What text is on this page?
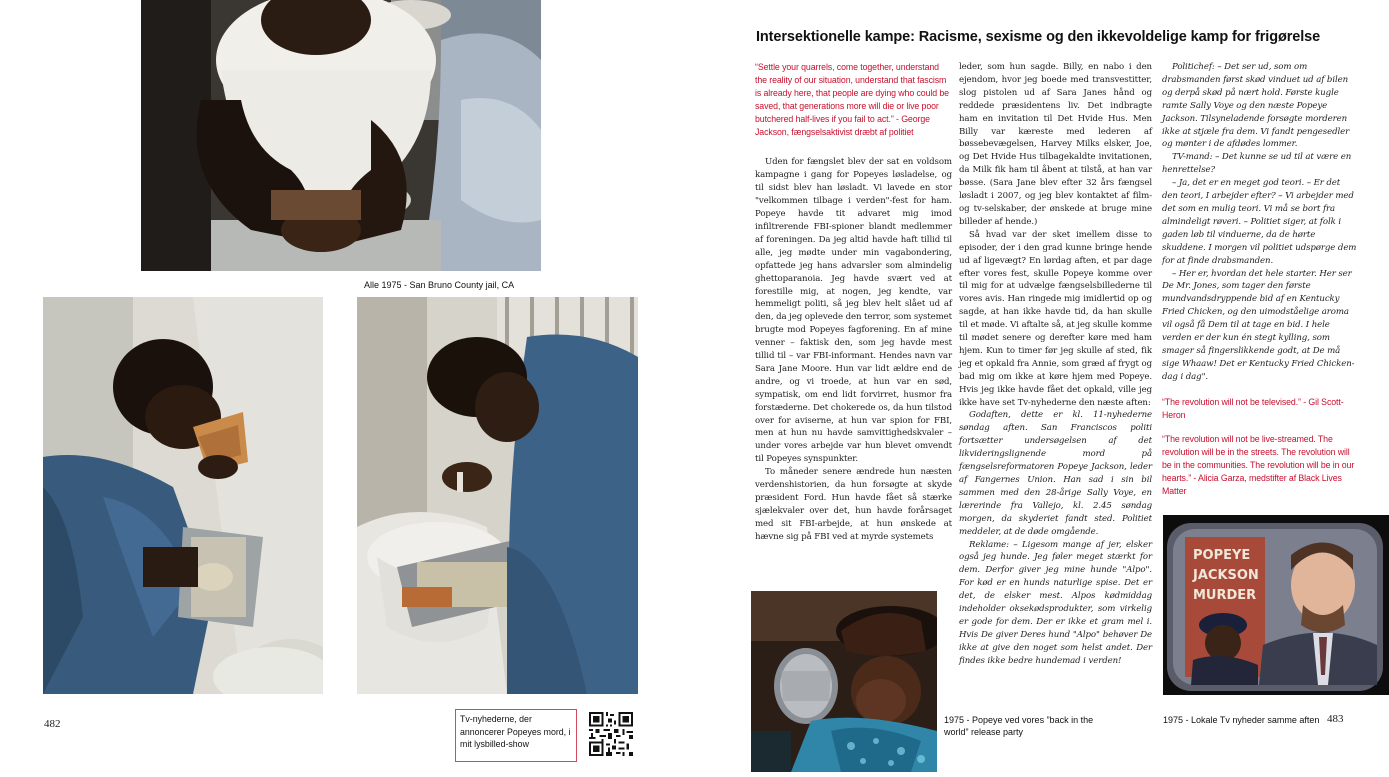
Alle 1975 - San Bruno County jail, CA
482	Tv-nyhederne, der annoncerer Popeyes mord, i mit lysbilled-show
Intersektionelle kampe: Racisme, sexisme og den ikkevoldelige kamp for frigørelse

“Settle your quarrels, come together, understand the reality of our situation, understand that fascism is already here, that people are dying who could be saved, that generations more will die or live poor butchered half-lives if you fail to act.” - George Jackson, fængselsaktivist dræbt af politiet

Uden for fængslet blev der sat en voldsom kampagne i gang for Popeyes løsladelse, og til sidst blev han løsladt. Vi lavede en stor "velkommen tilbage i verden"-fest for ham. Popeye havde tit advaret mig imod infiltrerende FBI-spioner blandt medlemmer af foreningen. Da jeg altid havde haft tillid til alle, jeg mødte under min vagabondering, opfattede jeg hans advarsler som almindelig ghettoparanoia. Jeg havde svært ved at forestille mig, at nogen, jeg kendte, var hemmeligt politi, så jeg blev helt slået ud af den, da jeg oplevede den terror, som systemet brugte mod Popeyes fagforening. En af mine venner – faktisk den, som jeg havde mest tillid til – var FBI-informant. Hendes navn var Sara Jane Moore. Hun var lidt ældre end de andre, og vi troede, at hun var en sød, sympatisk, om end lidt forvirret, husmor fra forstæderne. Det chokerede os, da hun tilstod over for aviserne, at hun var spion for FBI, men at hun nu havde samvittighedskvaler – under vores arbejde var hun blevet omvendt til Popeyes synspunkter.

To måneder senere ændrede hun næsten verdenshistorien, da hun forsøgte at skyde præsident Ford. Hun havde fået så stærke sjælekvaler over det, hun havde forårsaget med sit FBI-arbejde, at hun ønskede at hævne sig på FBI ved at myrde systemets

leder, som hun sagde. Billy, en nabo i den ejendom, hvor jeg boede med transvestitter, slog pistolen ud af Sara Janes hånd og reddede præsidentens liv. Det indbragte ham en invitation til Det Hvide Hus. Men Billy var kæreste med lederen af bøssebevægelsen, Harvey Milks elsker, Joe, og Det Hvide Hus tilbagekaldte invitationen, da Milk fik ham til åbent at tilstå, at han var bøsse. (Sara Jane blev efter 32 års fængsel løsladt i 2007, og jeg blev kontaktet af film- og tv-selskaber, der ønskede at bruge mine billeder af hende.)

Så hvad var der sket imellem disse to episoder, der i den grad kunne bringe hende ud af ligevægt? En lørdag aften, et par dage efter vores fest, skulle Popeye komme over til mig for at udvælge fængselsbillederne til vores avis. Han ringede mig imidlertid op og sagde, at han ikke havde tid, da han skulle til et møde. Vi aftalte så, at jeg skulle komme til mødet senere og derefter køre med ham hjem. Kun to timer før jeg skulle af sted, fik jeg et opkald fra Annie, som græd af frygt og bad mig om ikke at køre hjem med Popeye. Hvis jeg ikke havde fået det opkald, ville jeg ikke have set Tv-nyhederne den næste aften:

Godaften, dette er kl. 11-nyhederne søndag aften. San Franciscos politi fortsætter undersøgelsen af det likvideringslignende mord på fængselsreformatoren Popeye Jackson, leder af Fangernes Union. Han sad i sin bil sammen med den 28-årige Sally Voye, en lærerinde fra Vallejo, kl. 2.45 søndag morgen, da skyderiet fandt sted. Politiet meddeler, at de døde omgående.

Reklame: – Ligesom mange af jer, elsker også jeg hunde. Jeg føler meget stærkt for dem. Derfor giver jeg mine hunde "Alpo". For kød er en hunds naturlige spise. Det er det, de elsker mest. Alpos kødmiddag indeholder oksekødsprodukter, som virkelig er gode for dem. Der er ikke et gram mel i. Hvis De giver Deres hund "Alpo" behøver De ikke at give den noget som helst andet. Der findes ikke bedre hundemad i verden!

Politichef: – Det ser ud, som om drabsmanden først skød vinduet ud af bilen og derpå skød på nært hold. Første kugle ramte Sally Voye og den næste Popeye Jackson. Tilsyneladende forsøgte morderen ikke at stjæle fra dem. Vi fandt pengesedler og mønter i de afdødes lommer.

TV-mand: – Det kunne se ud til at være en henrettelse?

– Ja, det er en meget god teori. – Er det den teori, I arbejder efter? – Vi arbejder med det som en mulig teori. Vi må se bort fra almindeligt røveri. – Politiet siger, at folk i gaden løb til vinduerne, da de hørte skuddene. I morgen vil politiet udspørge dem for at finde drabsmanden.

– Her er, hvordan det hele starter. Her ser De Mr. Jones, som tager den første mundvandsdryppende bid af en Kentucky Fried Chicken, og den uimodståelige aroma vil også få Dem til at tage en bid. I hele verden er der kun én stegt kylling, som smager så fingerslikkende godt, at De må sige Whaaw! Det er Kentucky Fried Chicken-dag i dag".

“The revolution will not be televised.” - Gil Scott-Heron

“The revolution will not be live-streamed. The revolution will be in the streets. The revolution will be in the communities. The revolution will be in our hearts.” - Alicia Garza, medstifter af Black Lives Matter

1975 - Popeye ved vores ”back in the world” release party
POPEYE
JACKSON
MURDER
1975 - Lokale Tv nyheder samme aften 483
